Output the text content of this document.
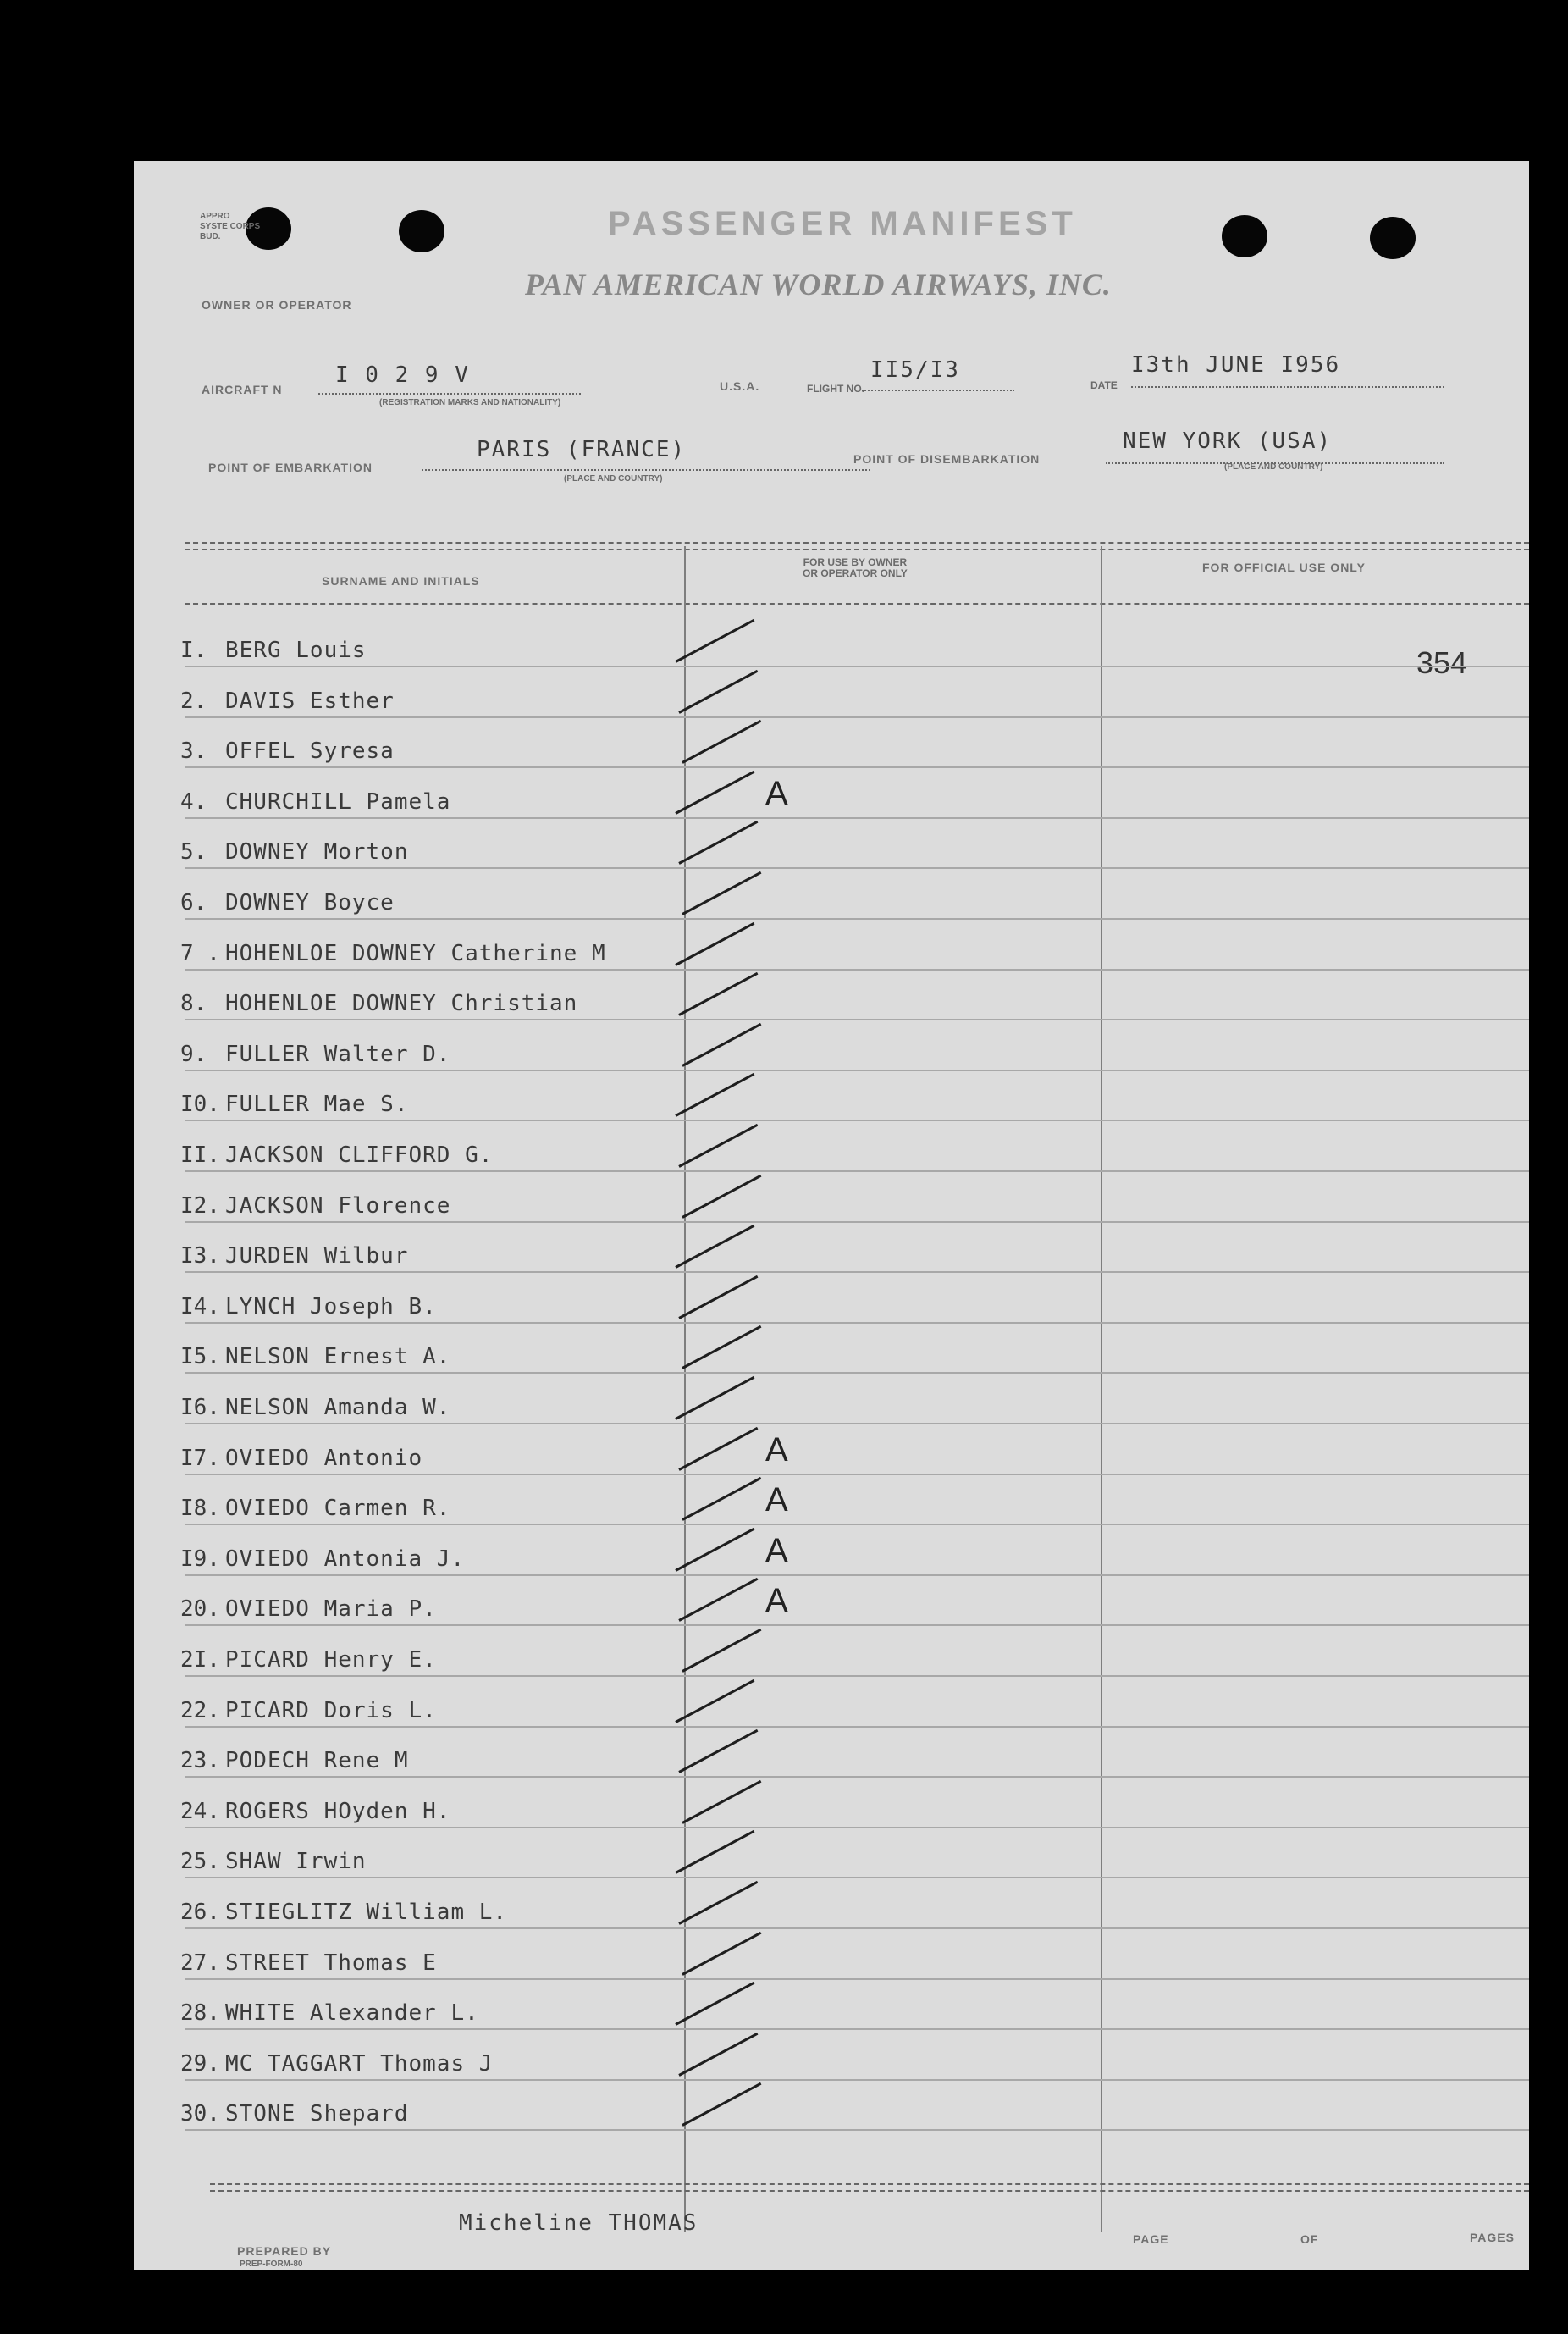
APPRO
SYSTE CORPS
BUD.	PASSENGER MANIFEST
OWNER OR OPERATOR
PAN AMERICAN WORLD AIRWAYS, INC.
AIRCRAFT N
I 0 2 9 V
(REGISTRATION MARKS AND NATIONALITY)
U.S.A.	FLIGHT NO.
II5/I3
DATE
I3th JUNE I956
POINT OF EMBARKATION
PARIS (FRANCE)
(PLACE AND COUNTRY)
POINT OF DISEMBARKATION
NEW YORK (USA)
(PLACE AND COUNTRY)
SURNAME AND INITIALS
FOR USE BY OWNER
OR OPERATOR ONLY	FOR OFFICIAL USE ONLY
354
I. BERG Louis
2. DAVIS Esther
3. OFFEL Syresa
4. CHURCHILL Pamela	A
5. DOWNEY Morton
6. DOWNEY Boyce
7 . HOHENLOE DOWNEY Catherine M
8. HOHENLOE DOWNEY Christian
9. FULLER Walter D.
I0. FULLER Mae S.
II. JACKSON CLIFFORD G.
I2. JACKSON Florence
I3. JURDEN Wilbur
I4. LYNCH Joseph B.
I5. NELSON Ernest A.
I6. NELSON Amanda W.
I7. OVIEDO Antonio	A
I8. OVIEDO Carmen R.	A
I9. OVIEDO Antonia J.	A
20. OVIEDO Maria P.	A
2I. PICARD Henry E.
22. PICARD Doris L.
23. PODECH Rene M
24. ROGERS HOyden H.
25. SHAW Irwin
26. STIEGLITZ William L.
27. STREET Thomas E
28. WHITE Alexander L.
29. MC TAGGART Thomas J
30. STONE Shepard
PREPARED BY
Micheline THOMAS
PAGE	OF	PAGES
PREP-FORM-80
